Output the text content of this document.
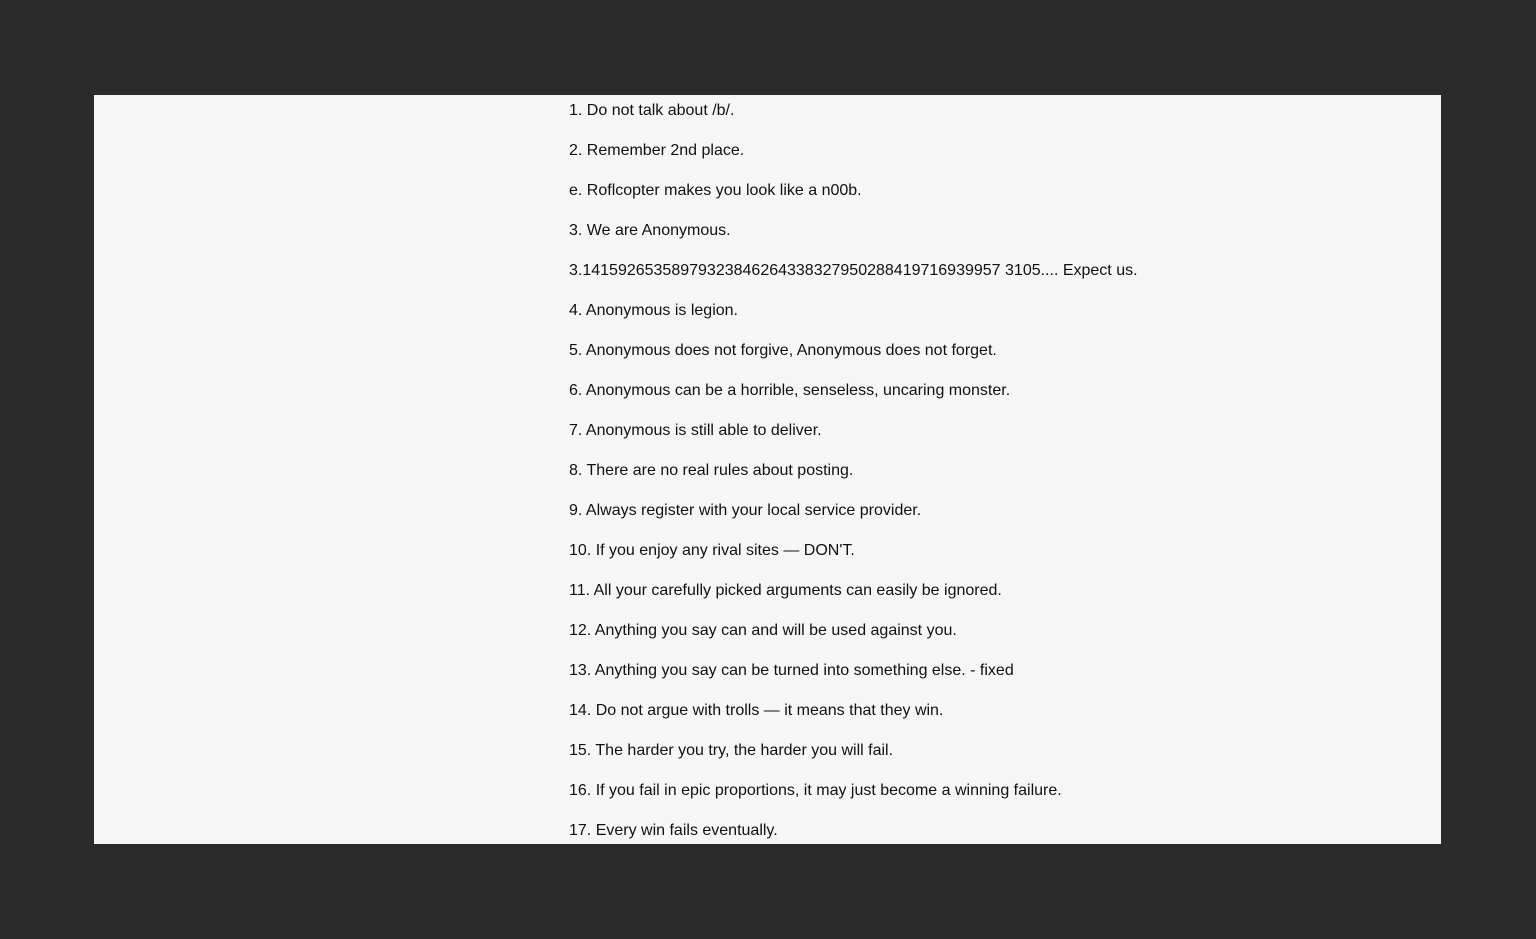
1. Do not talk about /b/.
2. Remember 2nd place.
e. Roflcopter makes you look like a n00b.
3. We are Anonymous.
3.14159265358979323846264338327950288419716939957 3105.... Expect us.
4. Anonymous is legion.
5. Anonymous does not forgive, Anonymous does not forget.
6. Anonymous can be a horrible, senseless, uncaring monster.
7. Anonymous is still able to deliver.
8. There are no real rules about posting.
9. Always register with your local service provider.
10. If you enjoy any rival sites — DON'T.
11. All your carefully picked arguments can easily be ignored.
12. Anything you say can and will be used against you.
13. Anything you say can be turned into something else. - fixed
14. Do not argue with trolls — it means that they win.
15. The harder you try, the harder you will fail.
16. If you fail in epic proportions, it may just become a winning failure.
17. Every win fails eventually.
